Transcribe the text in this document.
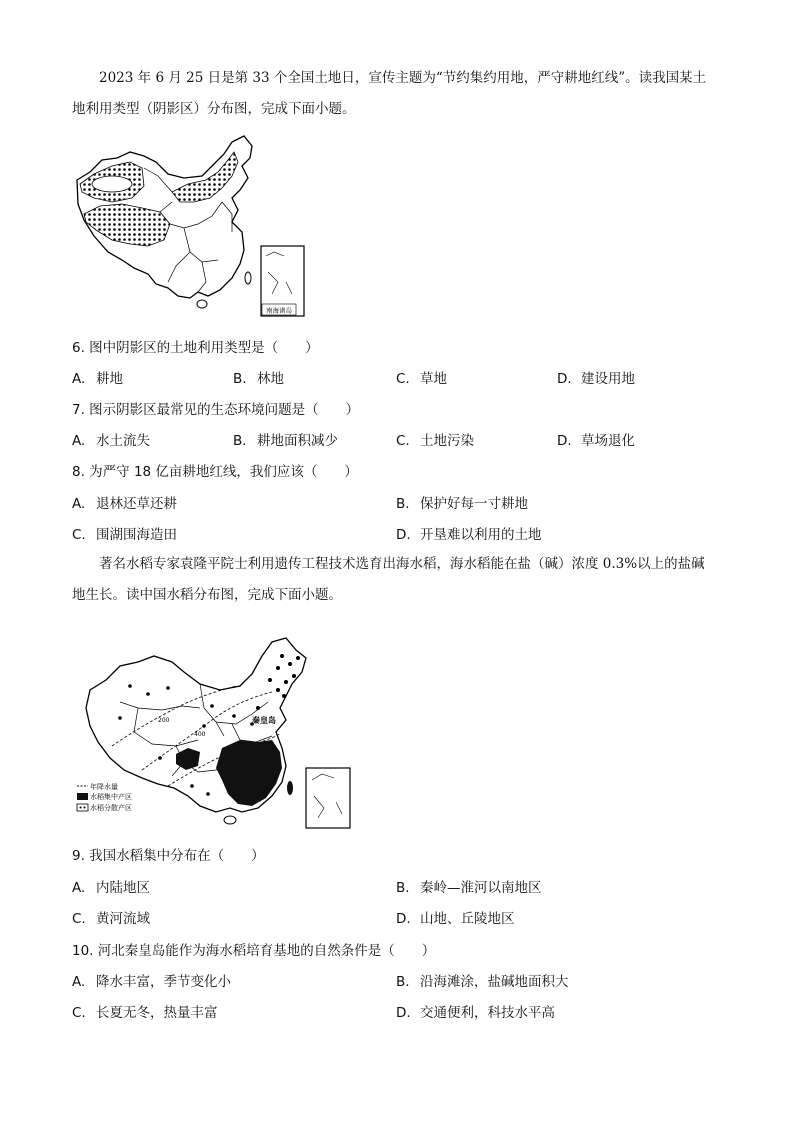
2023 年 6 月 25 日是第 33 个全国土地日，宣传主题为“节约集约用地，严守耕地红线”。读我国某土
地利用类型（阴影区）分布图，完成下面小题。
南海诸岛
6. 图中阴影区的土地利用类型是（　　）
A. 耕地	B. 林地	C. 草地	D. 建设用地
7. 图示阴影区最常见的生态环境问题是（　　）
A. 水土流失	B. 耕地面积减少	C. 土地污染	D. 草场退化
8. 为严守 18 亿亩耕地红线，我们应该（　　）
A. 退林还草还耕	B. 保护好每一寸耕地
C. 围湖围海造田	D. 开垦难以利用的土地
著名水稻专家袁隆平院士利用遗传工程技术选育出海水稻，海水稻能在盐（碱）浓度 0.3%以上的盐碱
地生长。读中国水稻分布图，完成下面小题。
200
400
秦皇岛
年降水量
水稻集中产区
水稻分散产区
9. 我国水稻集中分布在（　　）
A. 内陆地区	B. 秦岭—淮河以南地区
C. 黄河流域	D. 山地、丘陵地区
10. 河北秦皇岛能作为海水稻培育基地的自然条件是（　　）
A. 降水丰富，季节变化小	B. 沿海滩涂，盐碱地面积大
C. 长夏无冬，热量丰富	D. 交通便利，科技水平高
